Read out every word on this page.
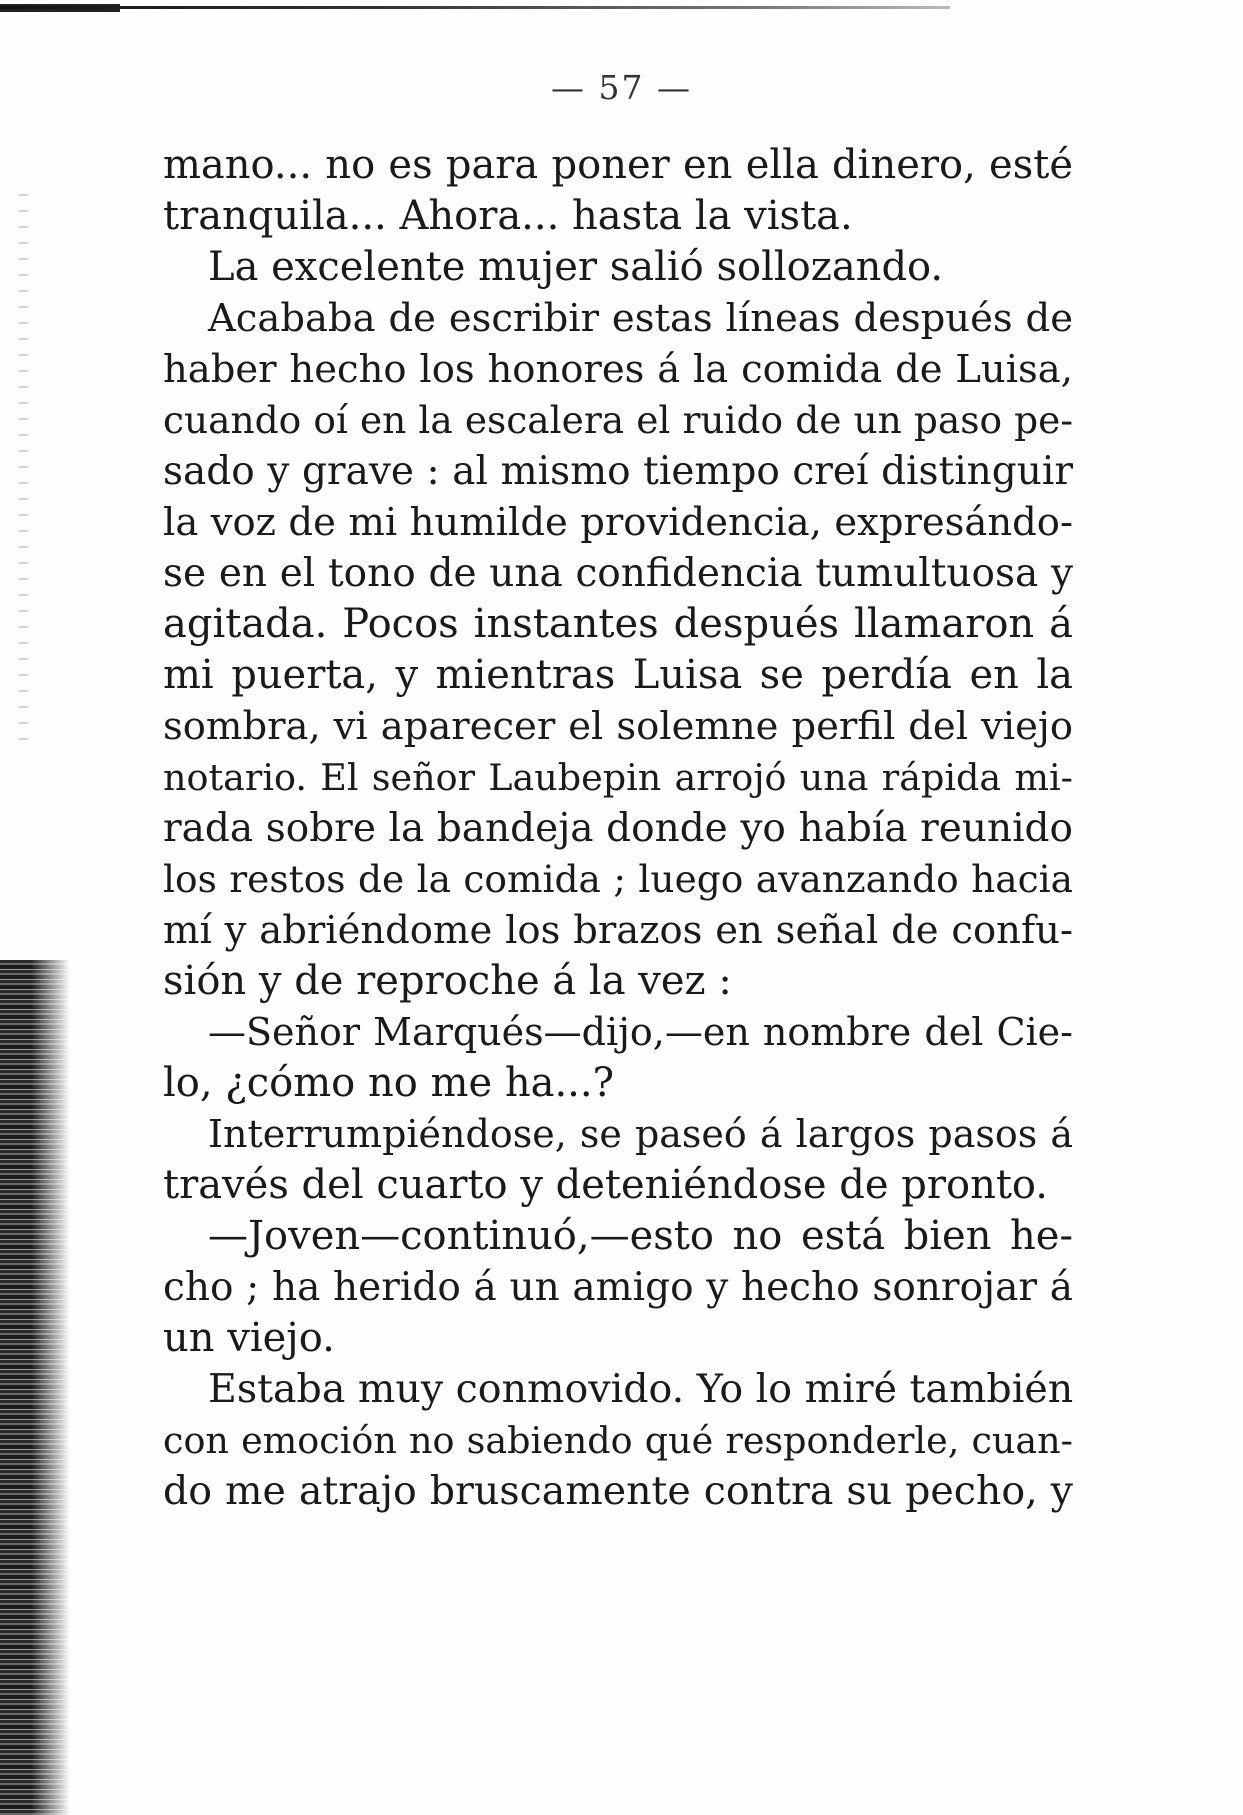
— 57 —
mano... no es para poner en ella dinero, esté
tranquila... Ahora... hasta la vista.
La excelente mujer salió sollozando.
Acababa de escribir estas líneas después de
haber hecho los honores á la comida de Luisa,
cuando oí en la escalera el ruido de un paso pe-
sado y grave : al mismo tiempo creí distinguir
la voz de mi humilde providencia, expresándo-
se en el tono de una confidencia tumultuosa y
agitada. Pocos instantes después llamaron á
mi puerta, y mientras Luisa se perdía en la
sombra, vi aparecer el solemne perfil del viejo
notario. El señor Laubepin arrojó una rápida mi-
rada sobre la bandeja donde yo había reunido
los restos de la comida ; luego avanzando hacia
mí y abriéndome los brazos en señal de confu-
sión y de reproche á la vez :
—Señor Marqués—dijo,—en nombre del Cie-
lo, ¿cómo no me ha...?
Interrumpiéndose, se paseó á largos pasos á
través del cuarto y deteniéndose de pronto.
—Joven—continuó,—esto no está bien he-
cho ; ha herido á un amigo y hecho sonrojar á
un viejo.
Estaba muy conmovido. Yo lo miré también
con emoción no sabiendo qué responderle, cuan-
do me atrajo bruscamente contra su pecho, y
